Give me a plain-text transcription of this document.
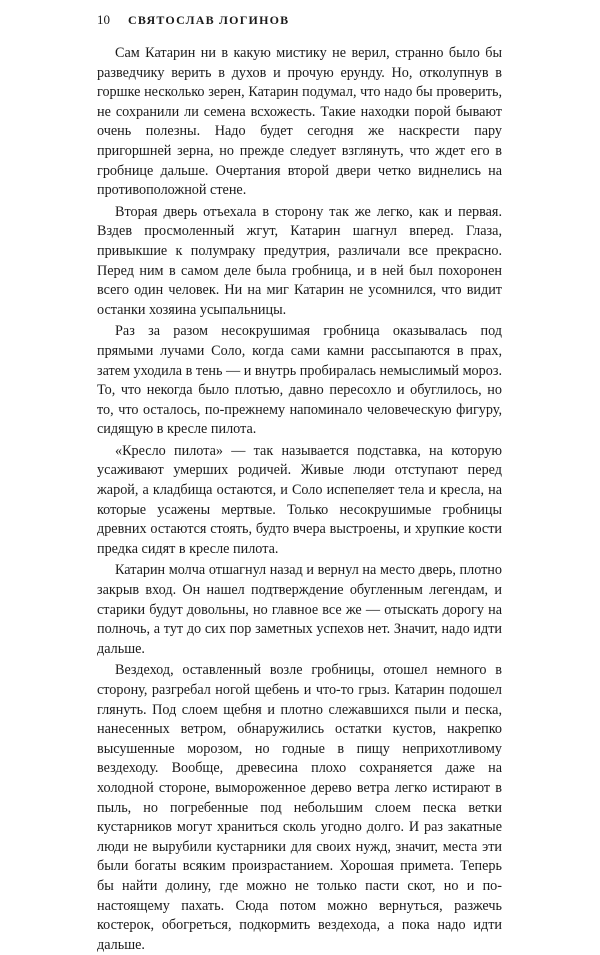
10 СВЯТОСЛАВ ЛОГИНОВ

Сам Катарин ни в какую мистику не верил, странно было бы разведчику верить в духов и прочую ерунду. Но, отколупнув в горшке несколько зерен, Катарин подумал, что надо бы проверить, не сохранили ли семена всхожесть. Такие находки порой бывают очень полезны. Надо будет сегодня же наскрести пару пригоршней зерна, но прежде следует взглянуть, что ждет его в гробнице дальше. Очертания второй двери четко виднелись на противоположной стене.

Вторая дверь отъехала в сторону так же легко, как и первая. Вздев просмоленный жгут, Катарин шагнул вперед. Глаза, привыкшие к полумраку предутрия, различали все прекрасно. Перед ним в самом деле была гробница, и в ней был похоронен всего один человек. Ни на миг Катарин не усомнился, что видит останки хозяина усыпальницы.

Раз за разом несокрушимая гробница оказывалась под прямыми лучами Соло, когда сами камни рассыпаются в прах, затем уходила в тень — и внутрь пробиралась немыслимый мороз. То, что некогда было плотью, давно пересохло и обуглилось, но то, что осталось, по-прежнему напоминало человеческую фигуру, сидящую в кресле пилота.

«Кресло пилота» — так называется подставка, на которую усаживают умерших родичей. Живые люди отступают перед жарой, а кладбища остаются, и Соло испепеляет тела и кресла, на которые усажены мертвые. Только несокрушимые гробницы древних остаются стоять, будто вчера выстроены, и хрупкие кости предка сидят в кресле пилота.

Катарин молча отшагнул назад и вернул на место дверь, плотно закрыв вход. Он нашел подтверждение обугленным легендам, и старики будут довольны, но главное все же — отыскать дорогу на полночь, а тут до сих пор заметных успехов нет. Значит, надо идти дальше.

Вездеход, оставленный возле гробницы, отошел немного в сторону, разгребал ногой щебень и что-то грыз. Катарин подошел глянуть. Под слоем щебня и плотно слежавшихся пыли и песка, нанесенных ветром, обнаружились остатки кустов, накрепко высушенные морозом, но годные в пищу неприхотливому вездеходу. Вообще, древесина плохо сохраняется даже на холодной стороне, вымороженное дерево ветра легко истирают в пыль, но погребенные под небольшим слоем песка ветки кустарников могут храниться сколь угодно долго. И раз закатные люди не вырубили кустарники для своих нужд, значит, места эти были богаты всяким произрастанием. Хорошая примета. Теперь бы найти долину, где можно не только пасти скот, но и по-настоящему пахать. Сюда потом можно вернуться, разжечь костерок, обогреться, подкормить вездехода, а пока надо идти дальше.
